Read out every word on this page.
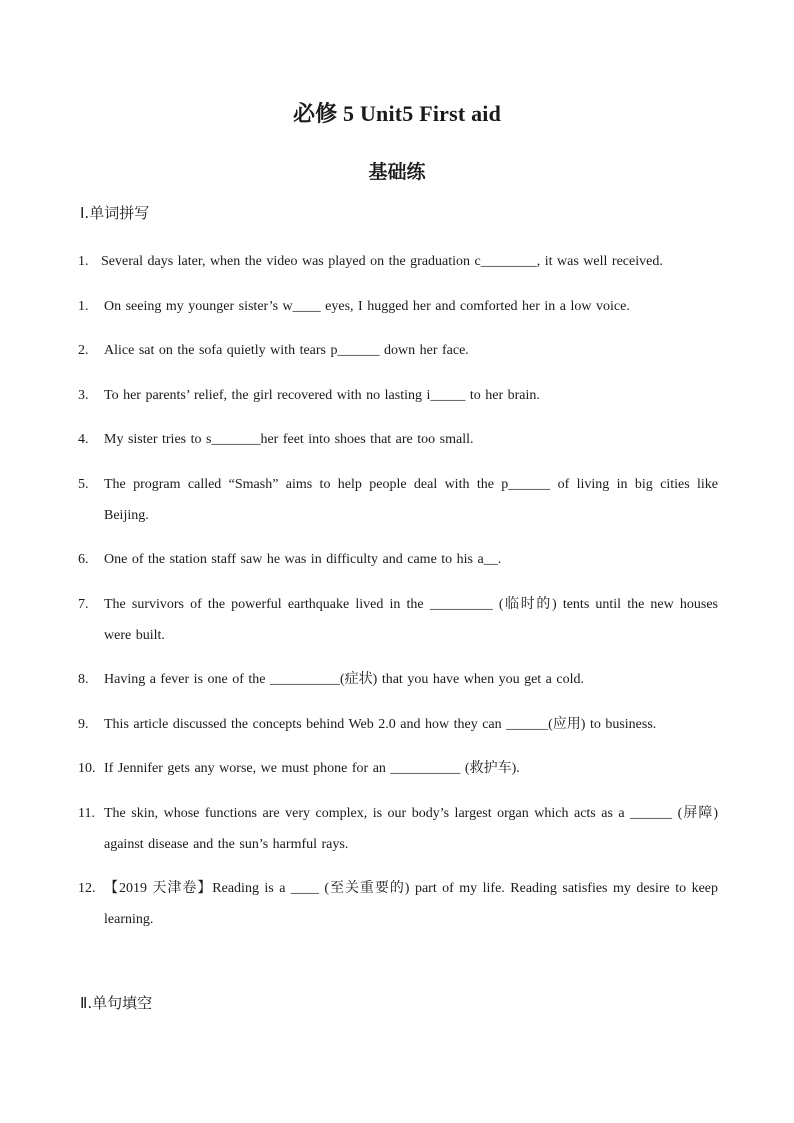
必修 5 Unit5 First aid
基础练
Ⅰ.单词拼写
1. Several days later, when the video was played on the graduation c________, it was well received.
1.	On seeing my younger sister’s w____ eyes, I hugged her and comforted her in a low voice.
2.	Alice sat on the sofa quietly with tears p______ down her face.
3.	To her parents’ relief, the girl recovered with no lasting i_____ to her brain.
4.	My sister tries to s_______her feet into shoes that are too small.
5.	The program called “Smash” aims to help people deal with the p______ of living in big cities like Beijing.
6.	One of the station staff saw he was in difficulty and came to his a__.
7.	The survivors of the powerful earthquake lived in the _________ (临时的) tents until the new houses were built.
8.	Having a fever is one of the __________(症状) that you have when you get a cold.
9.	This article discussed the concepts behind Web 2.0 and how they can ______(应用) to business.
10. If Jennifer gets any worse, we must phone for an __________ (救护车).
11. The skin, whose functions are very complex, is our body’s largest organ which acts as a ______ (屏障) against disease and the sun’s harmful rays.
12. 【2019 天津卷】Reading is a ____ (至关重要的) part of my life. Reading satisfies my desire to keep learning.
Ⅱ.单句填空
